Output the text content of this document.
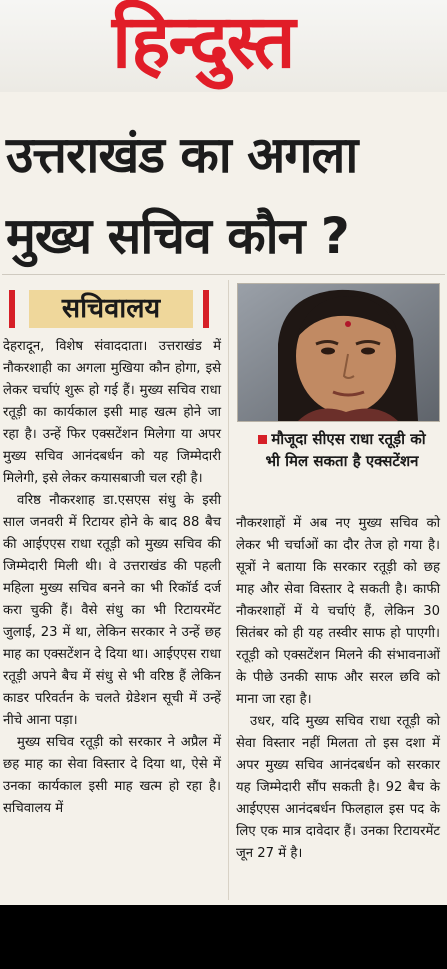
हिन्दुस्त
उत्तराखंड का अगला
मुख्य सचिव कौन ?
सचिवालय
मौजूदा सीएस राधा रतूड़ी को भी मिल सकता है एक्सटेंशन

देहरादून, विशेष संवाददाता। उत्तराखंड में नौकरशाही का अगला मुखिया कौन होगा, इसे लेकर चर्चाएं शुरू हो गई हैं। मुख्य सचिव राधा रतूड़ी का कार्यकाल इसी माह खत्म होने जा रहा है। उन्हें फिर एक्सटेंशन मिलेगा या अपर मुख्य सचिव आनंदबर्धन को यह जिम्मेदारी मिलेगी, इसे लेकर कयासबाजी चल रही है।

वरिष्ठ नौकरशाह डा.एसएस संधु के इसी साल जनवरी में रिटायर होने के बाद 88 बैच की आईएएस राधा रतूड़ी को मुख्य सचिव की जिम्मेदारी मिली थी। वे उत्तराखंड की पहली महिला मुख्य सचिव बनने का भी रिकॉर्ड दर्ज करा चुकी हैं। वैसे संधु का भी रिटायरमेंट जुलाई, 23 में था, लेकिन सरकार ने उन्हें छह माह का एक्सटेंशन दे दिया था। आईएएस राधा रतूड़ी अपने बैच में संधु से भी वरिष्ठ हैं लेकिन काडर परिवर्तन के चलते ग्रेडेशन सूची में उन्हें नीचे आना पड़ा।

मुख्य सचिव रतूड़ी को सरकार ने अप्रैल में छह माह का सेवा विस्तार दे दिया था, ऐसे में उनका कार्यकाल इसी माह खत्म हो रहा है। सचिवालय में

नौकरशाहों में अब नए मुख्य सचिव को लेकर भी चर्चाओं का दौर तेज हो गया है। सूत्रों ने बताया कि सरकार रतूड़ी को छह माह और सेवा विस्तार दे सकती है। काफी नौकरशाहों में ये चर्चाएं हैं, लेकिन 30 सितंबर को ही यह तस्वीर साफ हो पाएगी। रतूड़ी को एक्सटेंशन मिलने की संभावनाओं के पीछे उनकी साफ और सरल छवि को माना जा रहा है।

उधर, यदि मुख्य सचिव राधा रतूड़ी को सेवा विस्तार नहीं मिलता तो इस दशा में अपर मुख्य सचिव आनंदबर्धन को सरकार यह जिम्मेदारी सौंप सकती है। 92 बैच के आईएएस आनंदबर्धन फिलहाल इस पद के लिए एक मात्र दावेदार हैं। उनका रिटायरमेंट जून 27 में है।
